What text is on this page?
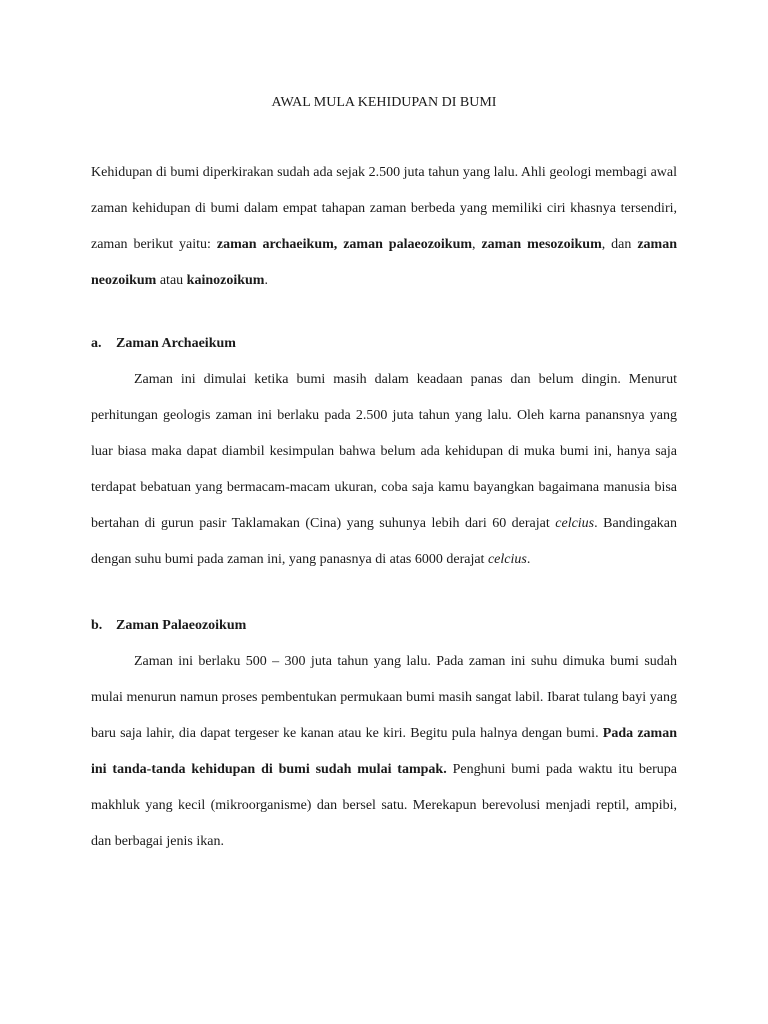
AWAL MULA KEHIDUPAN DI BUMI

Kehidupan di bumi diperkirakan sudah ada sejak 2.500 juta tahun yang lalu. Ahli geologi membagi awal zaman kehidupan di bumi dalam empat tahapan zaman berbeda yang memiliki ciri khasnya tersendiri, zaman berikut yaitu: zaman archaeikum, zaman palaeozoikum, zaman mesozoikum, dan zaman neozoikum atau kainozoikum.

a. Zaman Archaeikum

Zaman ini dimulai ketika bumi masih dalam keadaan panas dan belum dingin. Menurut perhitungan geologis zaman ini berlaku pada 2.500 juta tahun yang lalu. Oleh karna panansnya yang luar biasa maka dapat diambil kesimpulan bahwa belum ada kehidupan di muka bumi ini, hanya saja terdapat bebatuan yang bermacam-macam ukuran, coba saja kamu bayangkan bagaimana manusia bisa bertahan di gurun pasir Taklamakan (Cina) yang suhunya lebih dari 60 derajat celcius. Bandingakan dengan suhu bumi pada zaman ini, yang panasnya di atas 6000 derajat celcius.

b. Zaman Palaeozoikum

Zaman ini berlaku 500 – 300 juta tahun yang lalu. Pada zaman ini suhu dimuka bumi sudah mulai menurun namun proses pembentukan permukaan bumi masih sangat labil. Ibarat tulang bayi yang baru saja lahir, dia dapat tergeser ke kanan atau ke kiri. Begitu pula halnya dengan bumi. Pada zaman ini tanda-tanda kehidupan di bumi sudah mulai tampak. Penghuni bumi pada waktu itu berupa makhluk yang kecil (mikroorganisme) dan bersel satu. Merekapun berevolusi menjadi reptil, ampibi, dan berbagai jenis ikan.
